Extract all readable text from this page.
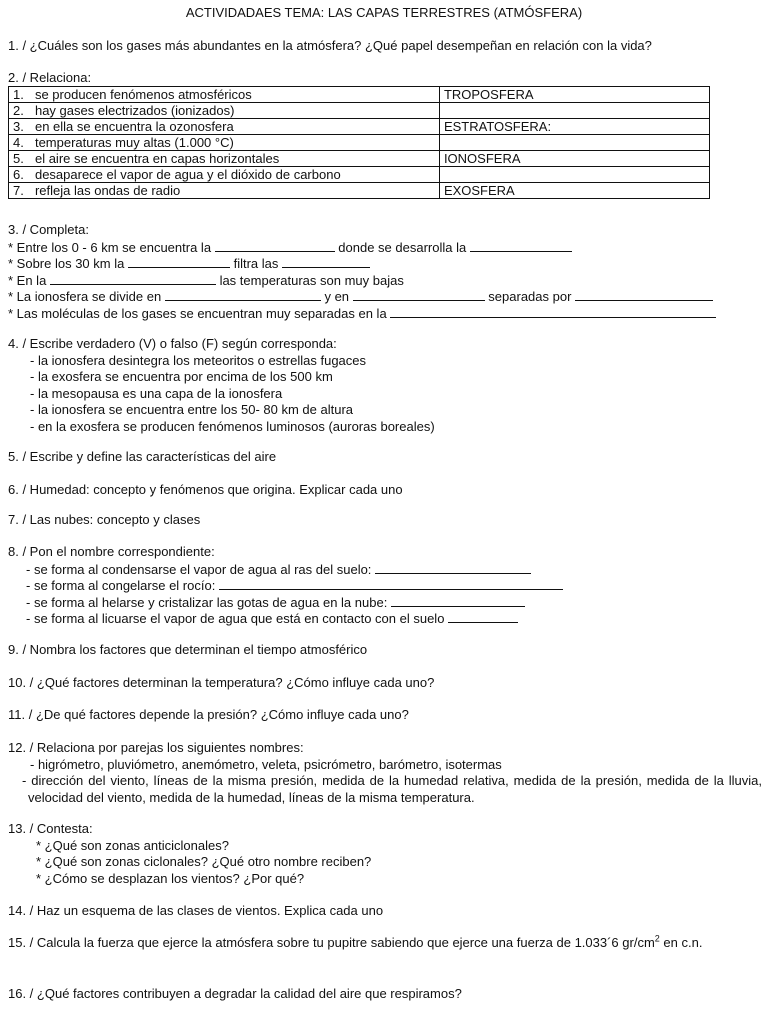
ACTIVIDADAES TEMA: LAS CAPAS TERRESTRES (ATMÓSFERA)
1. / ¿Cuáles son los gases más abundantes en la atmósfera? ¿Qué papel desempeñan en relación con la vida?
2. / Relaciona:
1.	se producen fenómenos atmosféricos	TROPOSFERA
2.	hay gases electrizados (ionizados)	
3.	en ella se encuentra la ozonosfera	ESTRATOSFERA:
4.	temperaturas muy altas (1.000 °C)	
5.	el aire se encuentra en capas horizontales	IONOSFERA
6.	desaparece el vapor de agua y el dióxido de carbono	
7.	refleja las ondas de radio	EXOSFERA
3. / Completa:
* Entre los 0 - 6 km se encuentra la	donde se desarrolla la
* Sobre los 30 km la	filtra las
* En la	las temperaturas son muy bajas
* La ionosfera se divide en	y en	separadas por
* Las moléculas de los gases se encuentran muy separadas en la
4. / Escribe verdadero (V) o falso (F) según corresponda:
- la ionosfera desintegra los meteoritos o estrellas fugaces
- la exosfera se encuentra por encima de los 500 km
- la mesopausa es una capa de la ionosfera
- la ionosfera se encuentra entre los 50- 80 km de altura
- en la exosfera se producen fenómenos luminosos (auroras boreales)
5. / Escribe y define las características del aire
6. / Humedad: concepto y fenómenos que origina. Explicar cada uno
7. / Las nubes: concepto y clases
8. / Pon el nombre correspondiente:
- se forma al condensarse el vapor de agua al ras del suelo:
- se forma al congelarse el rocío:
- se forma al helarse y cristalizar las gotas de agua en la nube:
- se forma al licuarse el vapor de agua que está en contacto con el suelo
9. / Nombra los factores que determinan el tiempo atmosférico
10. / ¿Qué factores determinan la temperatura? ¿Cómo influye cada uno?
11. / ¿De qué factores depende la presión? ¿Cómo influye cada uno?
12. / Relaciona por parejas los siguientes nombres:
- higrómetro, pluviómetro, anemómetro, veleta, psicrómetro, barómetro, isotermas
- dirección del viento, líneas de la misma presión, medida de la humedad relativa, medida de la presión, medida de la lluvia, velocidad del viento, medida de la humedad, líneas de la misma temperatura.
13. / Contesta:
* ¿Qué son zonas anticiclonales?
* ¿Qué son zonas ciclonales? ¿Qué otro nombre reciben?
* ¿Cómo se desplazan los vientos? ¿Por qué?
14. / Haz un esquema de las clases de vientos. Explica cada uno
15. / Calcula la fuerza que ejerce la atmósfera sobre tu pupitre sabiendo que ejerce una fuerza de 1.033´6 $gr/cm^2$ en c.n.
16. / ¿Qué factores contribuyen a degradar la calidad del aire que respiramos?
